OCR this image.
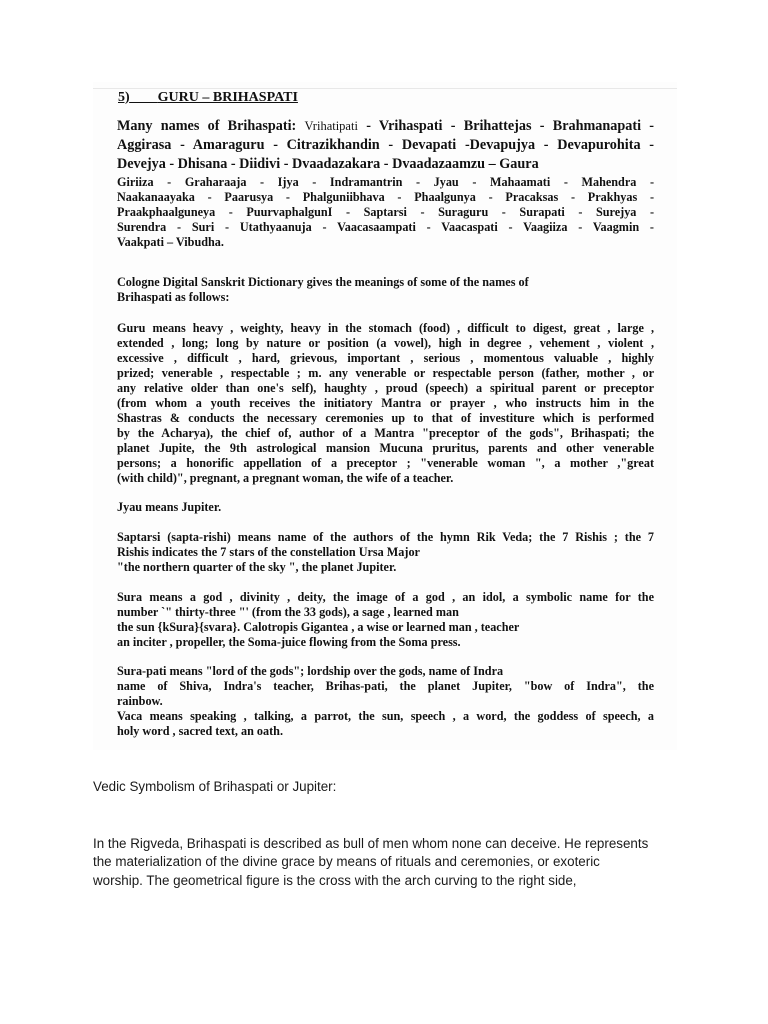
5) GURU – BRIHASPATI
Many names of Brihaspati: Vrihatipati - Vrihaspati - Brihattejas - Brahmanapati - Aggirasa - Amaraguru - Citrazikhandin - Devapati -Devapujya - Devapurohita - Devejya - Dhisana - Diidivi - Dvaadazakara - Dvaadazaamzu – Gaura
Giriiza - Graharaaja - Ijya - Indramantrin - Jyau - Mahaamati - Mahendra -
Naakanaayaka - Paarusya - Phalguniibhava - Phaalgunya - Pracaksas - Prakhyas -
Praakphaalguneya - PuurvaphalgunI - Saptarsi - Suraguru - Surapati - Surejya -
Surendra - Suri - Utathyaanuja - Vaacasaampati - Vaacaspati - Vaagiiza - Vaagmin -
Vaakpati – Vibudha.
Cologne Digital Sanskrit Dictionary gives the meanings of some of the names of
Brihaspati as follows:
Guru means heavy , weighty, heavy in the stomach (food) , difficult to digest, great , large ,
extended , long; long by nature or position (a vowel), high in degree , vehement , violent ,
excessive , difficult , hard, grievous, important , serious , momentous valuable , highly
prized; venerable , respectable ; m. any venerable or respectable person (father, mother , or
any relative older than one's self), haughty , proud (speech) a spiritual parent or preceptor
(from whom a youth receives the initiatory Mantra or prayer , who instructs him in the
Shastras & conducts the necessary ceremonies up to that of investiture which is performed
by the Acharya), the chief of, author of a Mantra "preceptor of the gods", Brihaspati; the
planet Jupite, the 9th astrological mansion Mucuna pruritus, parents and other venerable
persons; a honorific appellation of a preceptor ; "venerable woman ", a mother ,"great
(with child)", pregnant, a pregnant woman, the wife of a teacher.
Jyau means Jupiter.
Saptarsi (sapta-rishi) means name of the authors of the hymn Rik Veda; the 7 Rishis ; the 7
Rishis indicates the 7 stars of the constellation Ursa Major
"the northern quarter of the sky ", the planet Jupiter.
Sura means a god , divinity , deity, the image of a god , an idol, a symbolic name for the
number `" thirty-three "' (from the 33 gods), a sage , learned man
the sun {kSura}{svara}. Calotropis Gigantea , a wise or learned man , teacher
an inciter , propeller, the Soma-juice flowing from the Soma press.
Sura-pati means "lord of the gods"; lordship over the gods, name of Indra
name of Shiva, Indra's teacher, Brihas-pati, the planet Jupiter, "bow of Indra", the
rainbow.
Vaca means speaking , talking, a parrot, the sun, speech , a word, the goddess of speech, a
holy word , sacred text, an oath.
Vedic Symbolism of Brihaspati or Jupiter:
In the Rigveda, Brihaspati is described as bull of men whom none can deceive. He represents
the materialization of the divine grace by means of rituals and ceremonies, or exoteric
worship. The geometrical figure is the cross with the arch curving to the right side,
